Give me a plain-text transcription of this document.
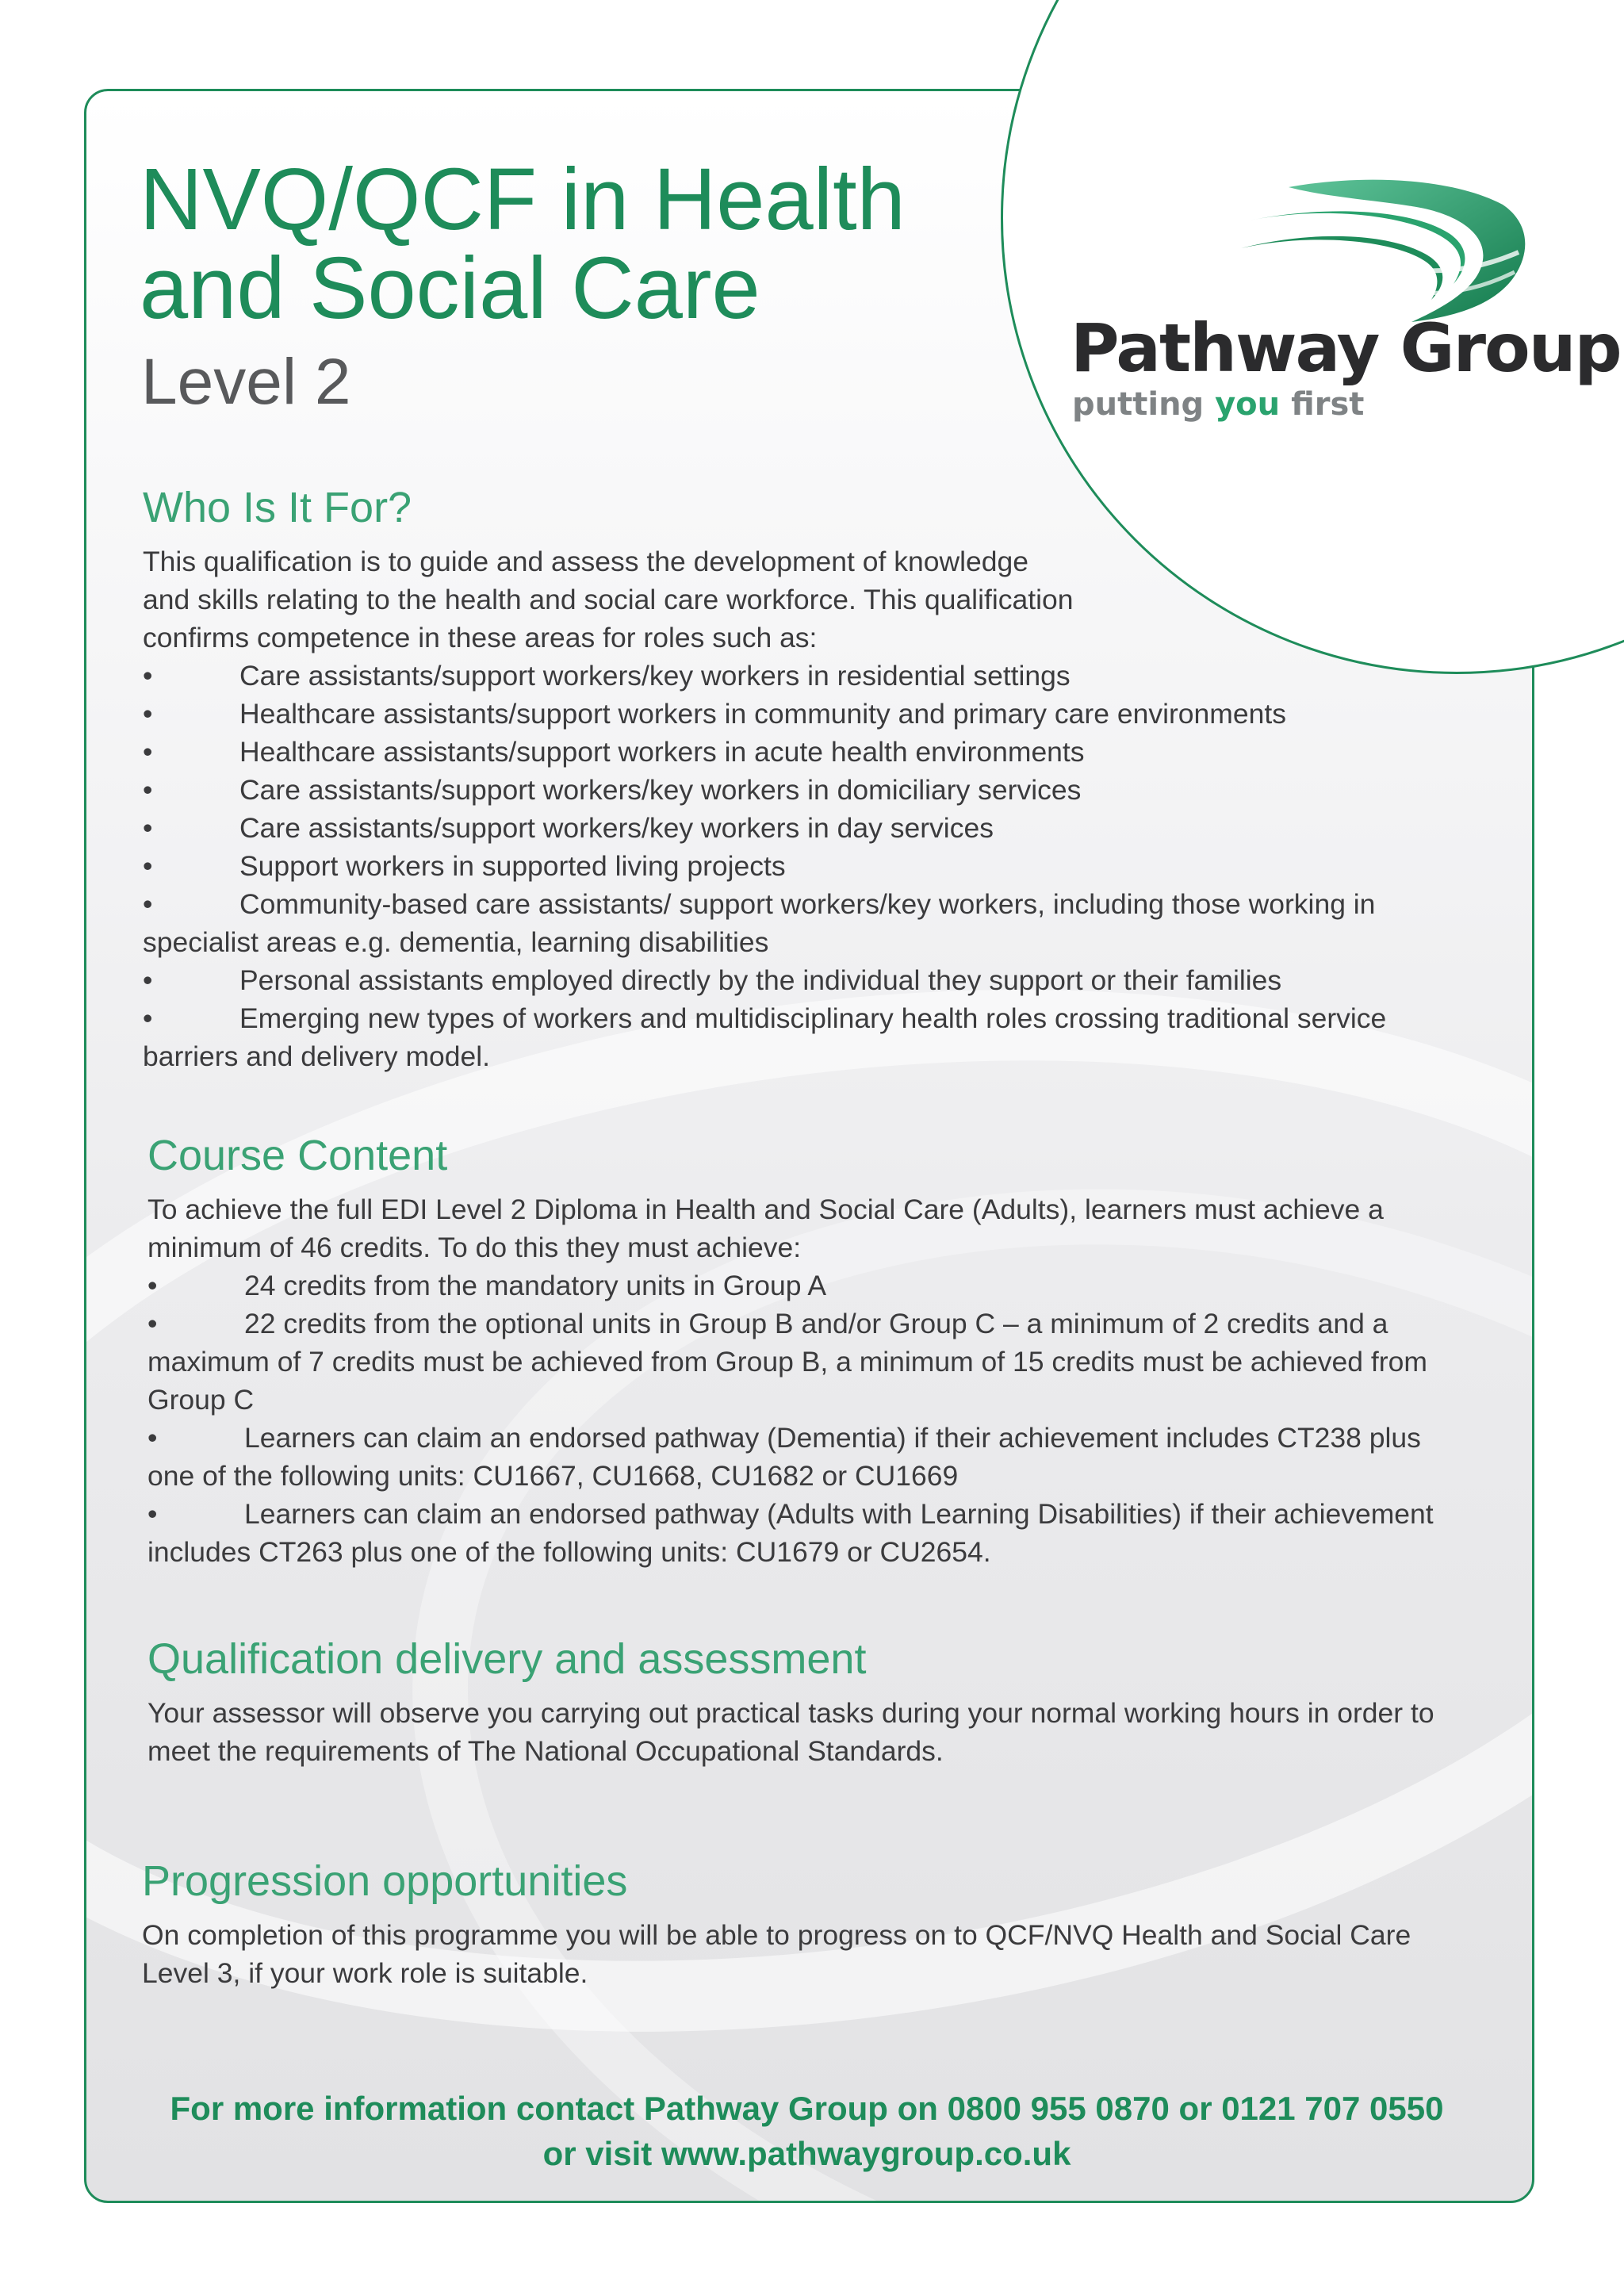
Pathway Group
putting you first
NVQ/QCF in Health
and Social Care
Level 2
Who Is It For?

This qualification is to guide and assess the development of knowledge
and skills relating to the health and social care workforce. This qualification
confirms competence in these areas for roles such as:

•	Care assistants/support workers/key workers in residential settings
•	Healthcare assistants/support workers in community and primary care environments
•	Healthcare assistants/support workers in acute health environments
•	Care assistants/support workers/key workers in domiciliary services
•	Care assistants/support workers/key workers in day services
•	Support workers in supported living projects
•	Community-based care assistants/ support workers/key workers, including those working in
specialist areas e.g. dementia, learning disabilities
•	Personal assistants employed directly by the individual they support or their families
•	Emerging new types of workers and multidisciplinary health roles crossing traditional service
barriers and delivery model.
Course Content

To achieve the full EDI Level 2 Diploma in Health and Social Care (Adults), learners must achieve a
minimum of 46 credits. To do this they must achieve:

•	24 credits from the mandatory units in Group A
•	22 credits from the optional units in Group B and/or Group C – a minimum of 2 credits and a
maximum of 7 credits must be achieved from Group B, a minimum of 15 credits must be achieved from
Group C
•	Learners can claim an endorsed pathway (Dementia) if their achievement includes CT238 plus
one of the following units: CU1667, CU1668, CU1682 or CU1669
•	Learners can claim an endorsed pathway (Adults with Learning Disabilities) if their achievement
includes CT263 plus one of the following units: CU1679 or CU2654.
Qualification delivery and assessment

Your assessor will observe you carrying out practical tasks during your normal working hours in order to
meet the requirements of The National Occupational Standards.

Progression opportunities

On completion of this programme you will be able to progress on to QCF/NVQ Health and Social Care
Level 3, if your work role is suitable.

For more information contact Pathway Group on 0800 955 0870 or 0121 707 0550
or visit www.pathwaygroup.co.uk
